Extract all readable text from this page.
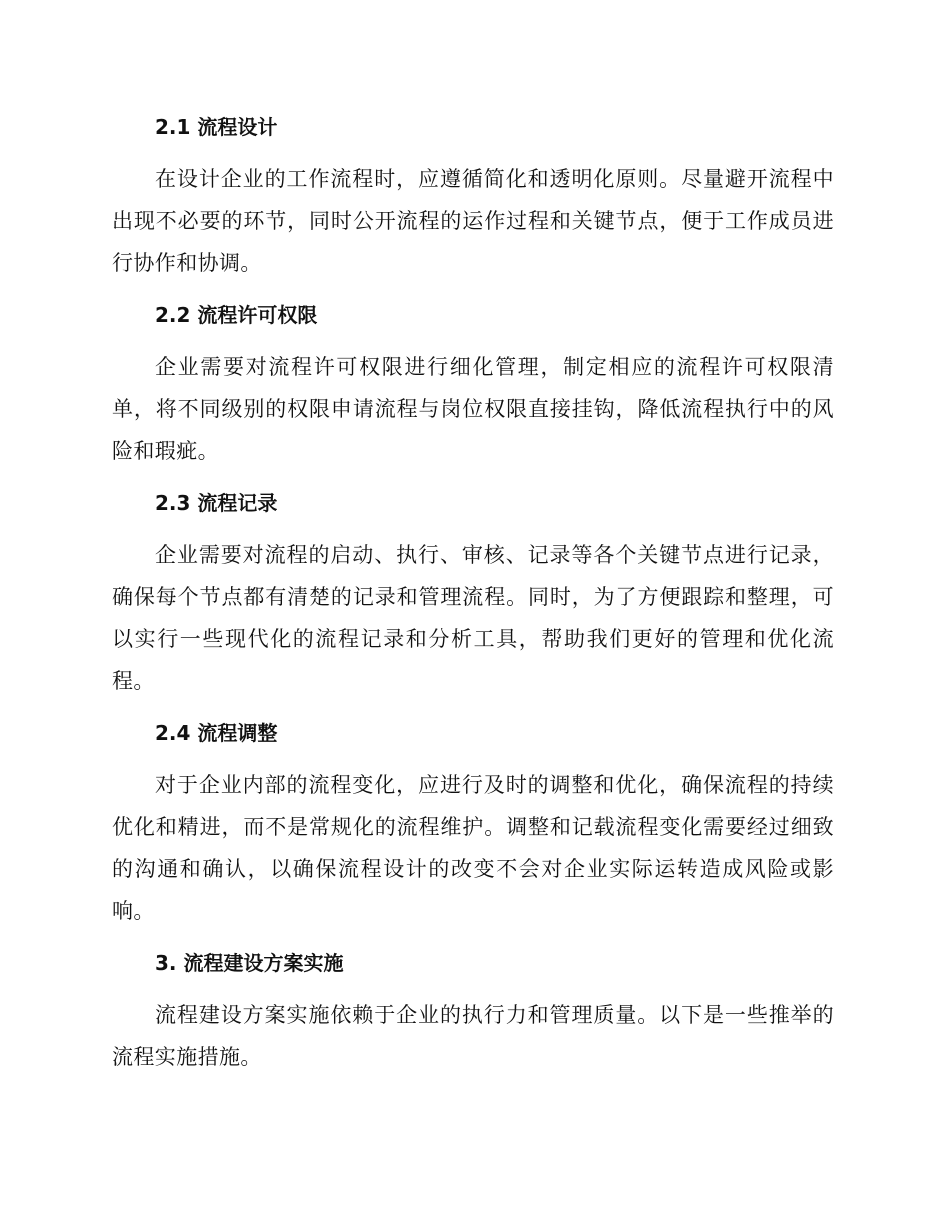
2.1 流程设计

在设计企业的工作流程时，应遵循简化和透明化原则。尽量避开流程中出现不必要的环节，同时公开流程的运作过程和关键节点，便于工作成员进行协作和协调。

2.2 流程许可权限

企业需要对流程许可权限进行细化管理，制定相应的流程许可权限清单，将不同级别的权限申请流程与岗位权限直接挂钩，降低流程执行中的风险和瑕疵。

2.3 流程记录

企业需要对流程的启动、执行、审核、记录等各个关键节点进行记录，确保每个节点都有清楚的记录和管理流程。同时，为了方便跟踪和整理，可以实行一些现代化的流程记录和分析工具，帮助我们更好的管理和优化流程。

2.4 流程调整

对于企业内部的流程变化，应进行及时的调整和优化，确保流程的持续优化和精进，而不是常规化的流程维护。调整和记载流程变化需要经过细致的沟通和确认，以确保流程设计的改变不会对企业实际运转造成风险或影响。

3. 流程建设方案实施

流程建设方案实施依赖于企业的执行力和管理质量。以下是一些推举的流程实施措施。
